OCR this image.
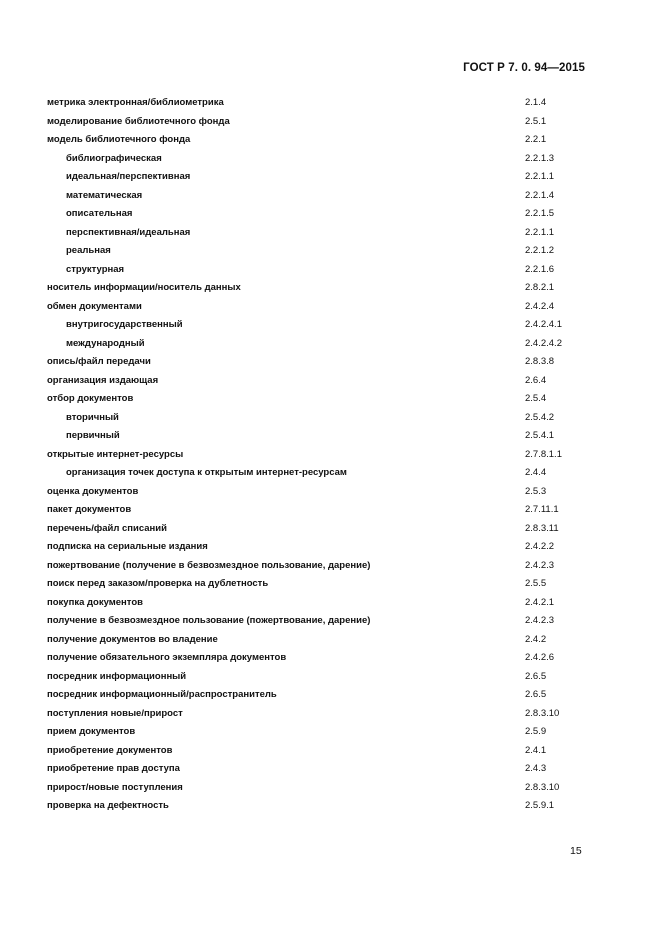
ГОСТ Р 7. 0. 94—2015
метрика электронная/библиометрика	2.1.4
моделирование библиотечного фонда	2.5.1
модель библиотечного фонда	2.2.1
библиографическая	2.2.1.3
идеальная/перспективная	2.2.1.1
математическая	2.2.1.4
описательная	2.2.1.5
перспективная/идеальная	2.2.1.1
реальная	2.2.1.2
структурная	2.2.1.6
носитель информации/носитель данных	2.8.2.1
обмен документами	2.4.2.4
внутригосударственный	2.4.2.4.1
международный	2.4.2.4.2
опись/файл передачи	2.8.3.8
организация издающая	2.6.4
отбор документов	2.5.4
вторичный	2.5.4.2
первичный	2.5.4.1
открытые интернет-ресурсы	2.7.8.1.1
организация точек доступа к открытым интернет-ресурсам	2.4.4
оценка документов	2.5.3
пакет документов	2.7.11.1
перечень/файл списаний	2.8.3.11
подписка на сериальные издания	2.4.2.2
пожертвование (получение в безвозмездное пользование, дарение)	2.4.2.3
поиск перед заказом/проверка на дублетность	2.5.5
покупка документов	2.4.2.1
получение в безвозмездное пользование (пожертвование, дарение)	2.4.2.3
получение документов во владение	2.4.2
получение обязательного экземпляра документов	2.4.2.6
посредник информационный	2.6.5
посредник информационный/распространитель	2.6.5
поступления новые/прирост	2.8.3.10
прием документов	2.5.9
приобретение документов	2.4.1
приобретение прав доступа	2.4.3
прирост/новые поступления	2.8.3.10
проверка на дефектность	2.5.9.1
15
